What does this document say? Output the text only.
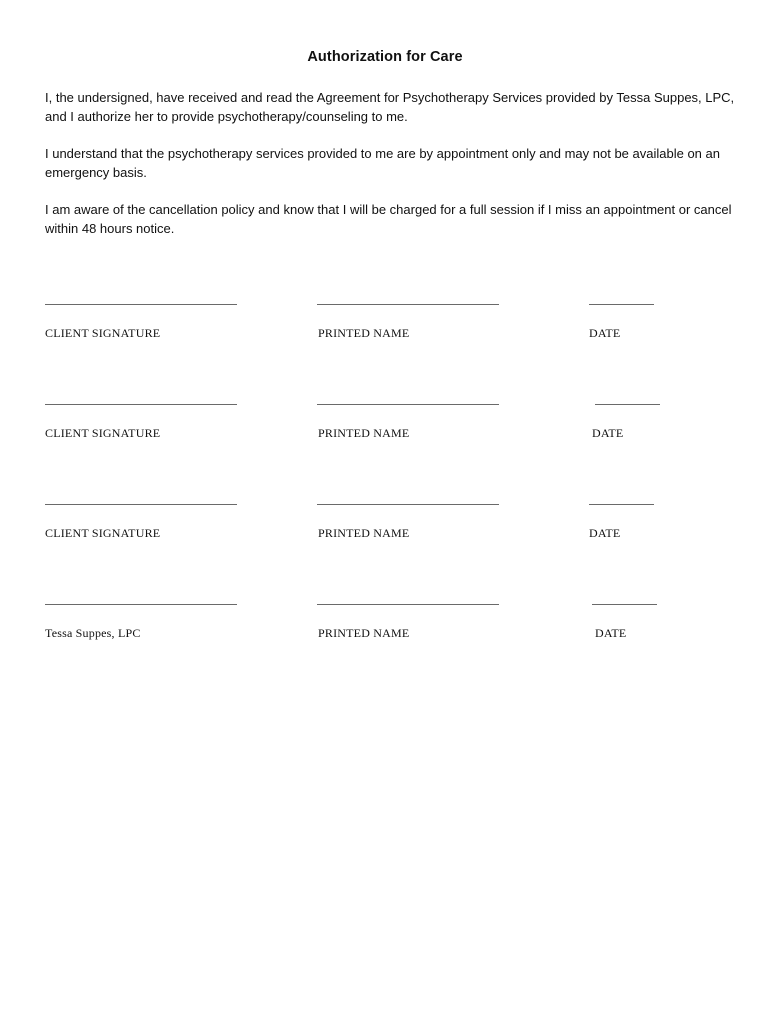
Authorization for Care
I, the undersigned, have received and read the Agreement for Psychotherapy Services provided by Tessa Suppes, LPC, and I authorize her to provide psychotherapy/counseling to me.
I understand that the psychotherapy services provided to me are by appointment only and may not be available on an emergency basis.
I am aware of the cancellation policy and know that I will be charged for a full session if I miss an appointment or cancel within 48 hours notice.
CLIENT SIGNATURE	PRINTED NAME	DATE
CLIENT SIGNATURE	PRINTED NAME	DATE
CLIENT SIGNATURE	PRINTED NAME	DATE
Tessa Suppes, LPC	PRINTED NAME	DATE
